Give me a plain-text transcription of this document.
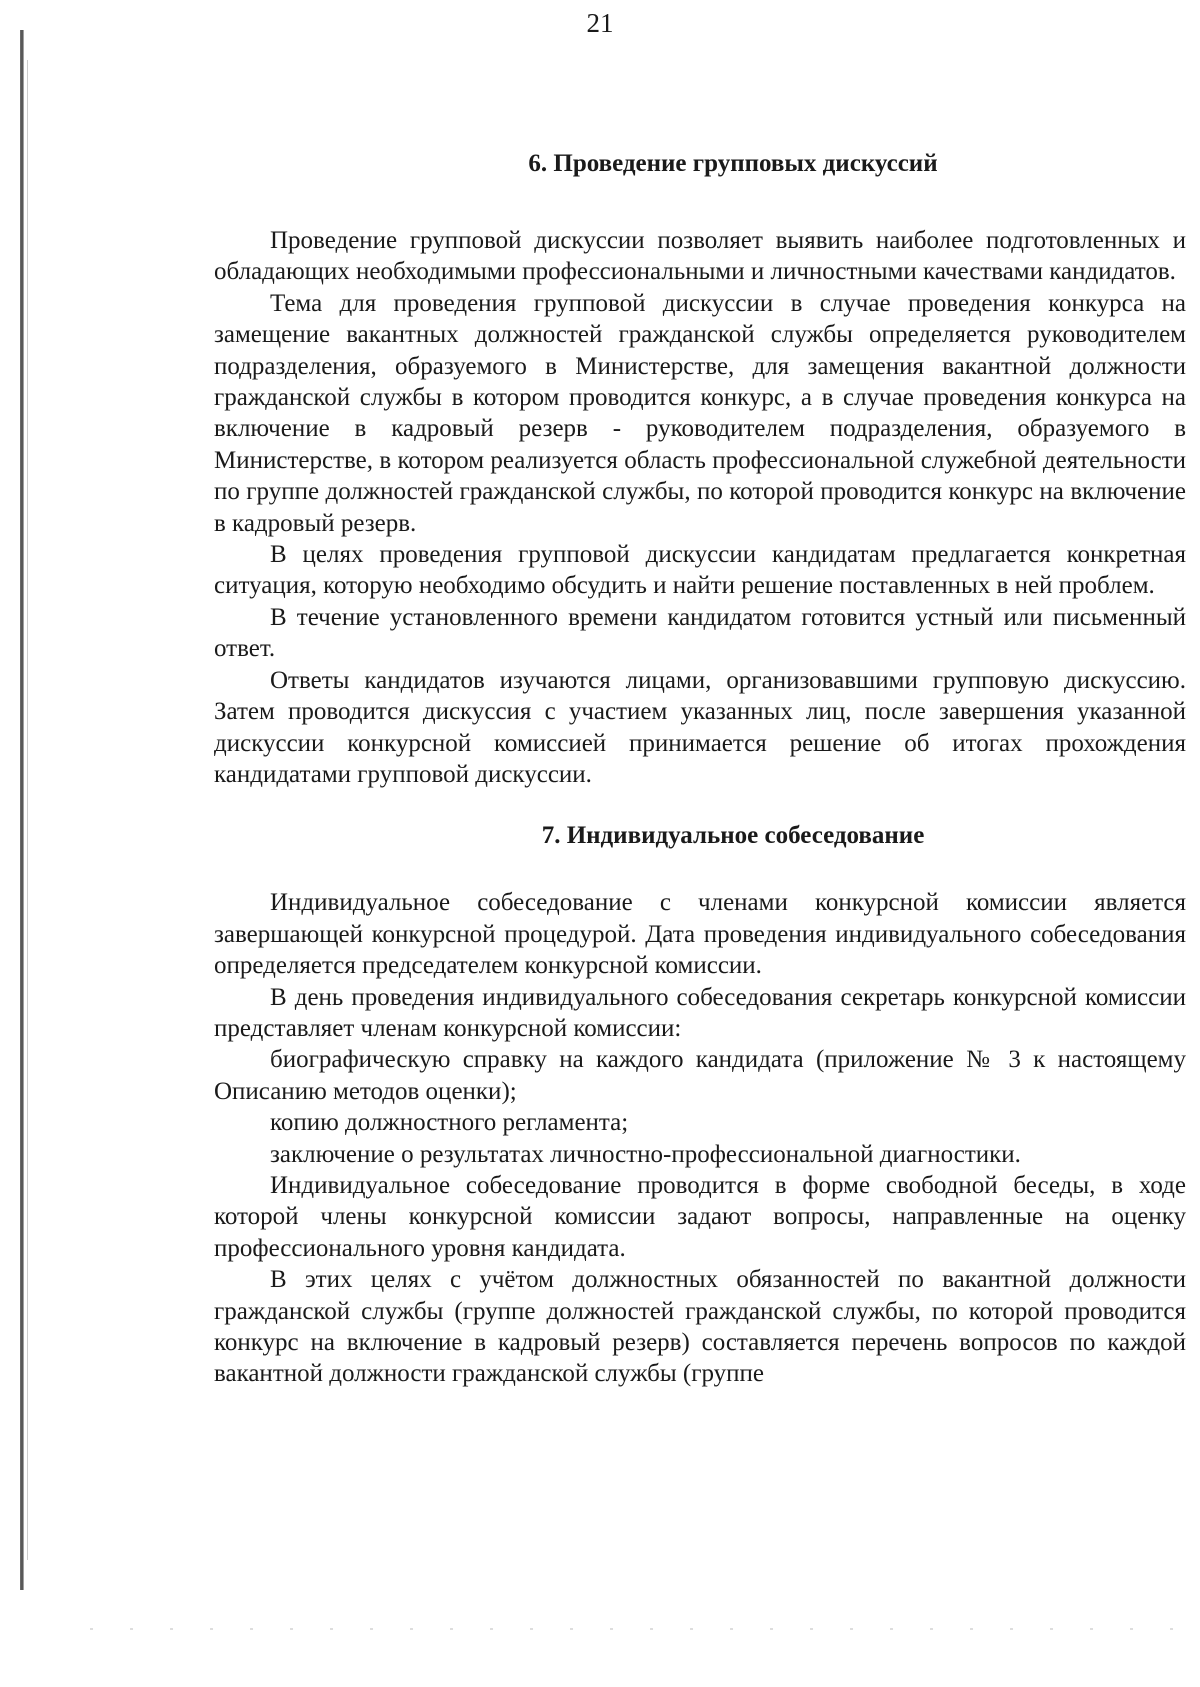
21
6. Проведение групповых дискуссий

Проведение групповой дискуссии позволяет выявить наиболее подготовленных и обладающих необходимыми профессиональными и личностными качествами кандидатов.

Тема для проведения групповой дискуссии в случае проведения конкурса на замещение вакантных должностей гражданской службы определяется руководителем подразделения, образуемого в Министерстве, для замещения вакантной должности гражданской службы в котором проводится конкурс, а в случае проведения конкурса на включение в кадровый резерв - руководителем подразделения, образуемого в Министерстве, в котором реализуется область профессиональной служебной деятельности по группе должностей гражданской службы, по которой проводится конкурс на включение в кадровый резерв.

В целях проведения групповой дискуссии кандидатам предлагается конкретная ситуация, которую необходимо обсудить и найти решение поставленных в ней проблем.

В течение установленного времени кандидатом готовится устный или письменный ответ.

Ответы кандидатов изучаются лицами, организовавшими групповую дискуссию. Затем проводится дискуссия с участием указанных лиц, после завершения указанной дискуссии конкурсной комиссией принимается решение об итогах прохождения кандидатами групповой дискуссии.

7. Индивидуальное собеседование

Индивидуальное собеседование с членами конкурсной комиссии является завершающей конкурсной процедурой. Дата проведения индивидуального собеседования определяется председателем конкурсной комиссии.

В день проведения индивидуального собеседования секретарь конкурсной комиссии представляет членам конкурсной комиссии:

биографическую справку на каждого кандидата (приложение № 3 к настоящему Описанию методов оценки);

копию должностного регламента;

заключение о результатах личностно-профессиональной диагностики.

Индивидуальное собеседование проводится в форме свободной беседы, в ходе которой члены конкурсной комиссии задают вопросы, направленные на оценку профессионального уровня кандидата.

В этих целях с учётом должностных обязанностей по вакантной должности гражданской службы (группе должностей гражданской службы, по которой проводится конкурс на включение в кадровый резерв) составляется перечень вопросов по каждой вакантной должности гражданской службы (группе
